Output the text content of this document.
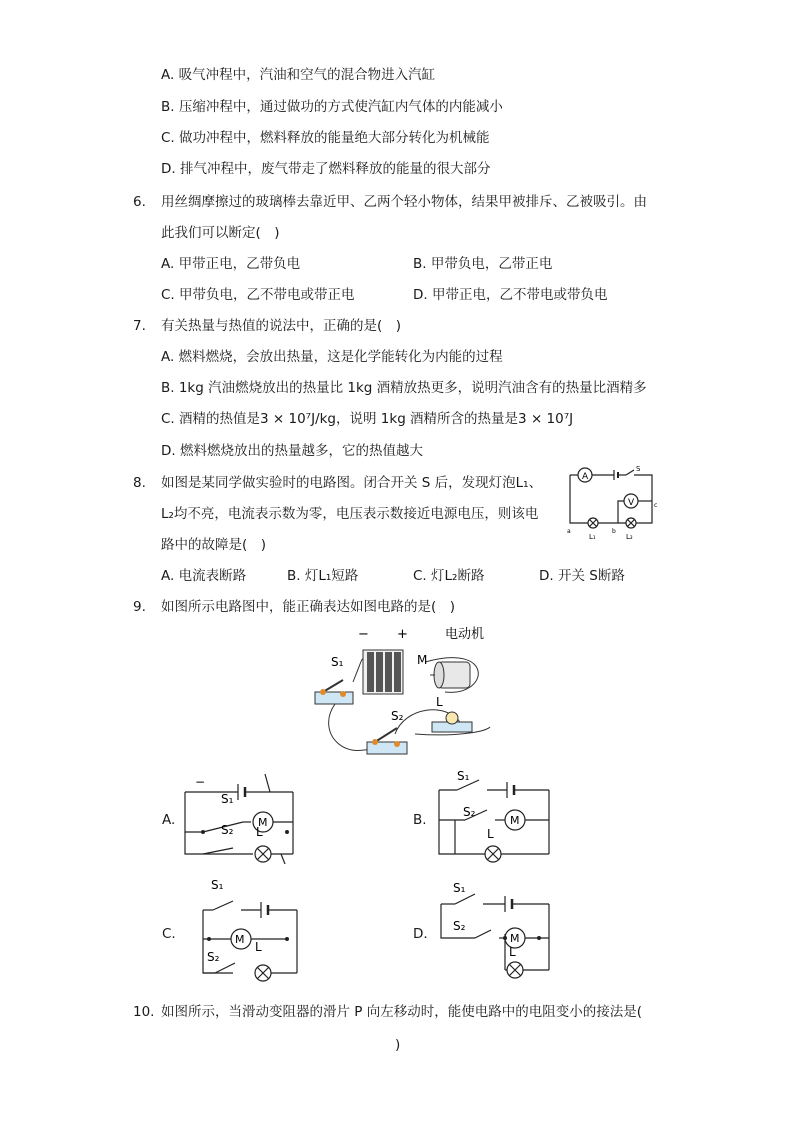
A. 吸气冲程中，汽油和空气的混合物进入汽缸
B. 压缩冲程中，通过做功的方式使汽缸内气体的内能减小
C. 做功冲程中，燃料释放的能量绝大部分转化为机械能
D. 排气冲程中，废气带走了燃料释放的能量的很大部分
6. 用丝绸摩擦过的玻璃棒去靠近甲、乙两个轻小物体，结果甲被排斥、乙被吸引。由
此我们可以断定(　)
A. 甲带正电，乙带负电	B. 甲带负电，乙带正电
C. 甲带负电，乙不带电或带正电	D. 甲带正电，乙不带电或带负电
7. 有关热量与热值的说法中，正确的是(　)
A. 燃料燃烧，会放出热量，这是化学能转化为内能的过程
B. 1kg 汽油燃烧放出的热量比 1kg 酒精放热更多，说明汽油含有的热量比酒精多
C. 酒精的热值是3 × 10⁷J/kg，说明 1kg 酒精所含的热量是3 × 10⁷J
D. 燃料燃烧放出的热量越多，它的热值越大
8. 如图是某同学做实验时的电路图。闭合开关 S 后，发现灯泡L₁、
L₂均不亮，电流表示数为零，电压表示数接近电源电压，则该电
路中的故障是(　)
A. 电流表断路	B. 灯L₁短路	C. 灯L₂断路	D. 开关 S断路
A
V
S
a	b
c
L₁	L₂
9. 如图所示电路图中，能正确表达如图电路的是(　)
− +	电动机
S₁	M
L
S₂
A.
−
S₁
M
S₂ L
B.
S₁
S₂
M
L
C.
S₁
M
L
S₂
D.
S₁
S₂
M
L
10. 如图所示，当滑动变阻器的滑片 P 向左移动时，能使电路中的电阻变小的接法是(
)
